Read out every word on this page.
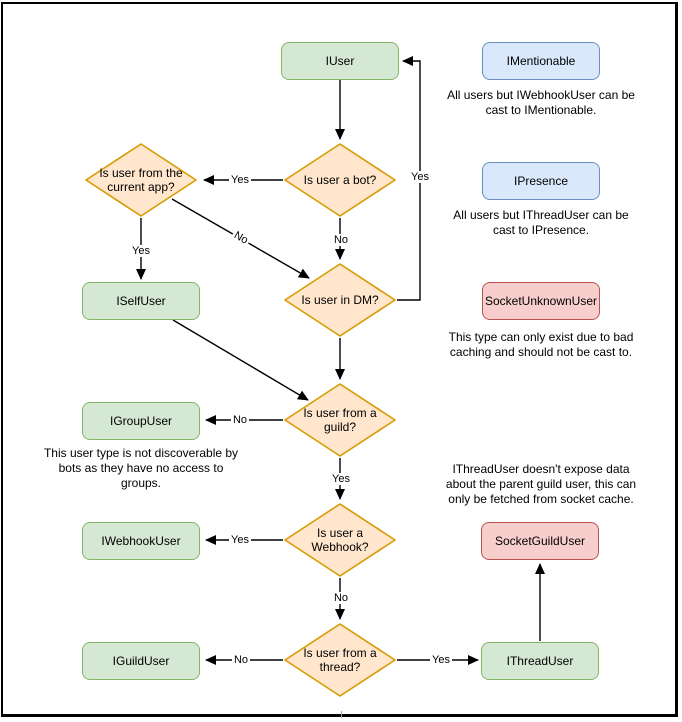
IUser	IMentionable
IPresence
SocketUnknownUser
ISelfUser
IGroupUser
IWebhookUser
IGuildUser
SocketGuildUser
IThreadUser
Is user a bot?
Is user from the current app?
Is user in DM?
Is user from a guild?
Is user a Webhook?
Is user from a thread?
All users but IWebhookUser can be
cast to IMentionable.
All users but IThreadUser can be
cast to IPresence.
This type can only exist due to bad
caching and should not be cast to.
This user type is not discoverable by
bots as they have no access to
groups.
IThreadUser doesn't expose data
about the parent guild user, this can
only be fetched from socket cache.
Yes
No
Yes
No
Yes
No
Yes
Yes
No
No	Yes
